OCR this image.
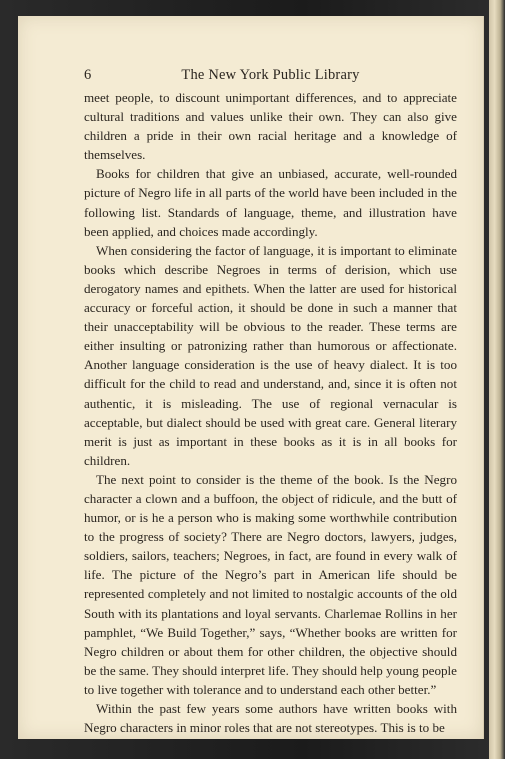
6	The New York Public Library

meet people, to discount unimportant differences, and to appreciate cultural traditions and values unlike their own. They can also give children a pride in their own racial heritage and a knowledge of themselves.

Books for children that give an unbiased, accurate, well-rounded picture of Negro life in all parts of the world have been included in the following list. Standards of language, theme, and illustration have been applied, and choices made accordingly.

When considering the factor of language, it is important to eliminate books which describe Negroes in terms of derision, which use derogatory names and epithets. When the latter are used for historical accuracy or forceful action, it should be done in such a manner that their unacceptability will be obvious to the reader. These terms are either insulting or patronizing rather than humorous or affectionate. Another language consideration is the use of heavy dialect. It is too difficult for the child to read and understand, and, since it is often not authentic, it is misleading. The use of regional vernacular is acceptable, but dialect should be used with great care. General literary merit is just as important in these books as it is in all books for children.

The next point to consider is the theme of the book. Is the Negro character a clown and a buffoon, the object of ridicule, and the butt of humor, or is he a person who is making some worthwhile contribution to the progress of society? There are Negro doctors, lawyers, judges, soldiers, sailors, teachers; Negroes, in fact, are found in every walk of life. The picture of the Negro’s part in American life should be represented completely and not limited to nostalgic accounts of the old South with its plantations and loyal servants. Charlemae Rollins in her pamphlet, “We Build Together,” says, “Whether books are written for Negro children or about them for other children, the objective should be the same. They should interpret life. They should help young people to live together with tolerance and to understand each other better.”

Within the past few years some authors have written books with Negro characters in minor roles that are not stereotypes. This is to be
